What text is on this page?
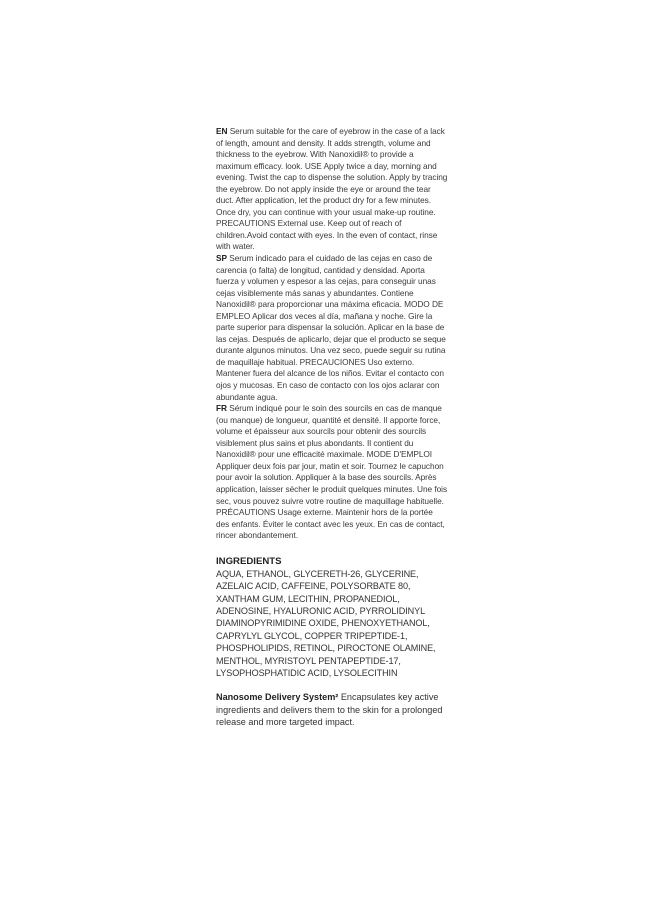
EN Serum suitable for the care of eyebrow in the case of a lack of length, amount and density. It adds strength, volume and thickness to the eyebrow. With Nanoxidil® to provide a maximum efficacy. look. USE Apply twice a day, morning and evening. Twist the cap to dispense the solution. Apply by tracing the eyebrow. Do not apply inside the eye or around the tear duct. After application, let the product dry for a few minutes. Once dry, you can continue with your usual make-up routine. PRECAUTIONS External use. Keep out of reach of children.Avoid contact with eyes. In the even of contact, rinse with water.

SP Serum indicado para el cuidado de las cejas en caso de carencia (o falta) de longitud, cantidad y densidad. Aporta fuerza y volumen y espesor a las cejas, para conseguir unas cejas visiblemente más sanas y abundantes. Contiene Nanoxidil® para proporcionar una máxima eficacia. MODO DE EMPLEO Aplicar dos veces al día, mañana y noche. Gire la parte superior para dispensar la solución. Aplicar en la base de las cejas. Después de aplicarlo, dejar que el producto se seque durante algunos minutos. Una vez seco, puede seguir su rutina de maquillaje habitual. PRECAUCIONES Uso externo. Mantener fuera del alcance de los niños. Evitar el contacto con ojos y mucosas. En caso de contacto con los ojos aclarar con abundante agua.

FR Sérum indiqué pour le soin des sourcils en cas de manque (ou manque) de longueur, quantité et densité. Il apporte force, volume et épaisseur aux sourcils pour obtenir des sourcils visiblement plus sains et plus abondants. Il contient du Nanoxidil® pour une efficacité maximale. MODE D'EMPLOI Appliquer deux fois par jour, matin et soir. Tournez le capuchon pour avoir la solution. Appliquer à la base des sourcils. Après application, laisser sécher le produit quelques minutes. Une fois sec, vous pouvez suivre votre routine de maquillage habituelle. PRÉCAUTIONS Usage externe. Maintenir hors de la portée des enfants. Éviter le contact avec les yeux. En cas de contact, rincer abondantement.

INGREDIENTS
AQUA, ETHANOL, GLYCERETH-26, GLYCERINE,
AZELAIC ACID, CAFFEINE, POLYSORBATE 80,
XANTHAM GUM, LECITHIN, PROPANEDIOL,
ADENOSINE, HYALURONIC ACID, PYRROLIDINYL
DIAMINOPYRIMIDINE OXIDE, PHENOXYETHANOL,
CAPRYLYL GLYCOL, COPPER TRIPEPTIDE-1,
PHOSPHOLIPIDS, RETINOL, PIROCTONE OLAMINE,
MENTHOL, MYRISTOYL PENTAPEPTIDE-17,
LYSOPHOSPHATIDIC ACID, LYSOLECITHIN
Nanosome Delivery System² Encapsulates key active ingredients and delivers them to the skin for a prolonged release and more targeted impact.
